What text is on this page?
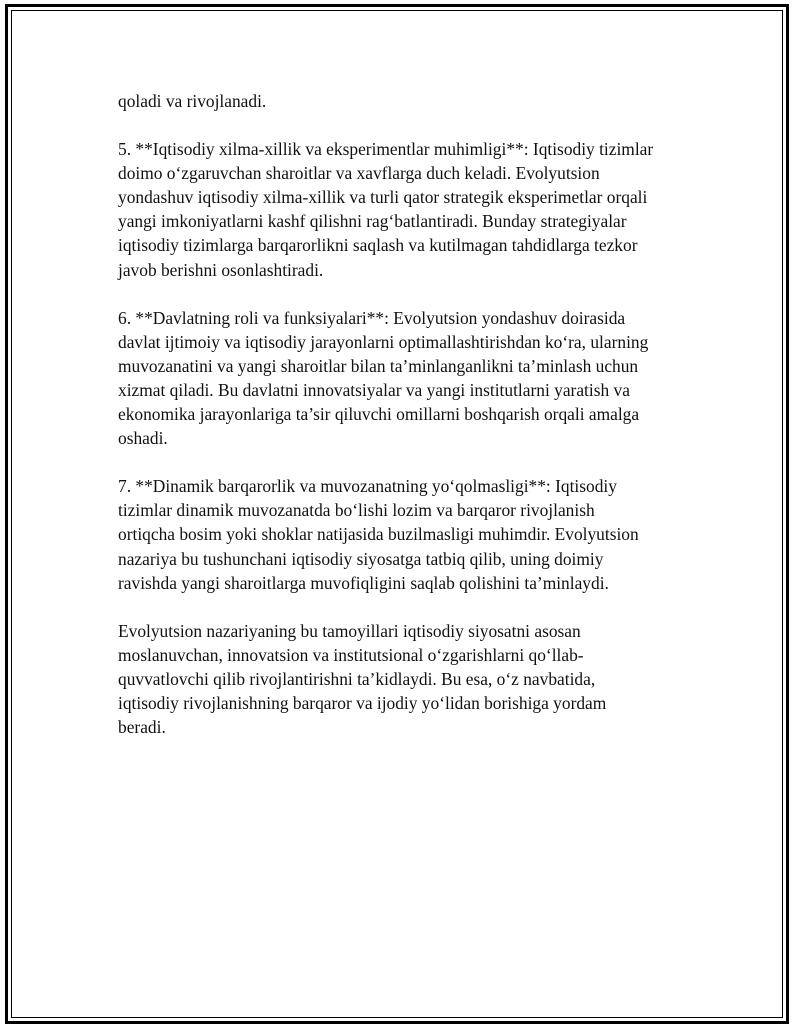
qoladi va rivojlanadi.

5. **Iqtisodiy xilma-xillik va eksperimentlar muhimligi**: Iqtisodiy tizimlar
doimo o‘zgaruvchan sharoitlar va xavflarga duch keladi. Evolyutsion
yondashuv iqtisodiy xilma-xillik va turli qator strategik eksperimetlar orqali
yangi imkoniyatlarni kashf qilishni rag‘batlantiradi. Bunday strategiyalar
iqtisodiy tizimlarga barqarorlikni saqlash va kutilmagan tahdidlarga tezkor
javob berishni osonlashtiradi.

6. **Davlatning roli va funksiyalari**: Evolyutsion yondashuv doirasida
davlat ijtimoiy va iqtisodiy jarayonlarni optimallashtirishdan ko‘ra, ularning
muvozanatini va yangi sharoitlar bilan ta’minlanganlikni ta’minlash uchun
xizmat qiladi. Bu davlatni innovatsiyalar va yangi institutlarni yaratish va
ekonomika jarayonlariga ta’sir qiluvchi omillarni boshqarish orqali amalga
oshadi.

7. **Dinamik barqarorlik va muvozanatning yo‘qolmasligi**: Iqtisodiy
tizimlar dinamik muvozanatda bo‘lishi lozim va barqaror rivojlanish
ortiqcha bosim yoki shoklar natijasida buzilmasligi muhimdir. Evolyutsion
nazariya bu tushunchani iqtisodiy siyosatga tatbiq qilib, uning doimiy
ravishda yangi sharoitlarga muvofiqligini saqlab qolishini ta’minlaydi.

Evolyutsion nazariyaning bu tamoyillari iqtisodiy siyosatni asosan
moslanuvchan, innovatsion va institutsional o‘zgarishlarni qo‘llab-
quvvatlovchi qilib rivojlantirishni ta’kidlaydi. Bu esa, o‘z navbatida,
iqtisodiy rivojlanishning barqaror va ijodiy yo‘lidan borishiga yordam
beradi.
